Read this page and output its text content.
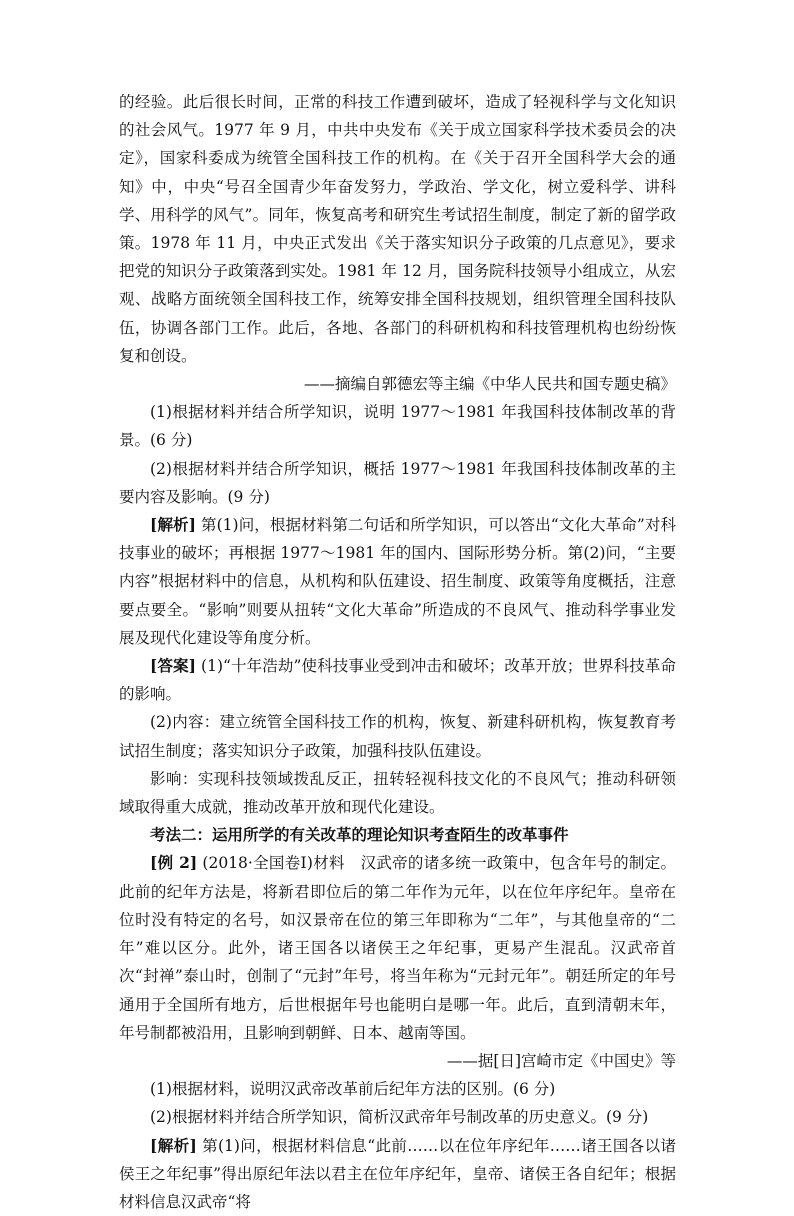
的经验。此后很长时间，正常的科技工作遭到破坏，造成了轻视科学与文化知识的社会风气。1977 年 9 月，中共中央发布《关于成立国家科学技术委员会的决定》，国家科委成为统管全国科技工作的机构。在《关于召开全国科学大会的通知》中，中央“号召全国青少年奋发努力，学政治、学文化，树立爱科学、讲科学、用科学的风气”。同年，恢复高考和研究生考试招生制度，制定了新的留学政策。1978 年 11 月，中央正式发出《关于落实知识分子政策的几点意见》，要求把党的知识分子政策落到实处。1981 年 12 月，国务院科技领导小组成立，从宏观、战略方面统领全国科技工作，统筹安排全国科技规划，组织管理全国科技队伍，协调各部门工作。此后，各地、各部门的科研机构和科技管理机构也纷纷恢复和创设。

——摘编自郭德宏等主编《中华人民共和国专题史稿》

(1)根据材料并结合所学知识，说明 1977～1981 年我国科技体制改革的背景。(6 分)

(2)根据材料并结合所学知识，概括 1977～1981 年我国科技体制改革的主要内容及影响。(9 分)

[解析] 第(1)问，根据材料第二句话和所学知识，可以答出“文化大革命”对科技事业的破坏；再根据 1977～1981 年的国内、国际形势分析。第(2)问，“主要内容”根据材料中的信息，从机构和队伍建设、招生制度、政策等角度概括，注意要点要全。“影响”则要从扭转“文化大革命”所造成的不良风气、推动科学事业发展及现代化建设等角度分析。

[答案] (1)“十年浩劫”使科技事业受到冲击和破坏；改革开放；世界科技革命的影响。

(2)内容：建立统管全国科技工作的机构，恢复、新建科研机构，恢复教育考试招生制度；落实知识分子政策，加强科技队伍建设。

影响：实现科技领域拨乱反正，扭转轻视科技文化的不良风气；推动科研领域取得重大成就，推动改革开放和现代化建设。

考法二：运用所学的有关改革的理论知识考查陌生的改革事件

[例 2] (2018·全国卷Ⅰ)材料　汉武帝的诸多统一政策中，包含年号的制定。此前的纪年方法是，将新君即位后的第二年作为元年，以在位年序纪年。皇帝在位时没有特定的名号，如汉景帝在位的第三年即称为“二年”，与其他皇帝的“二年”难以区分。此外，诸王国各以诸侯王之年纪事，更易产生混乱。汉武帝首次“封禅”泰山时，创制了“元封”年号，将当年称为“元封元年”。朝廷所定的年号通用于全国所有地方，后世根据年号也能明白是哪一年。此后，直到清朝末年，年号制都被沿用，且影响到朝鲜、日本、越南等国。

——据[日]宫崎市定《中国史》等

(1)根据材料，说明汉武帝改革前后纪年方法的区别。(6 分)

(2)根据材料并结合所学知识，简析汉武帝年号制改革的历史意义。(9 分)

[解析] 第(1)问，根据材料信息“此前……以在位年序纪年……诸王国各以诸侯王之年纪事”得出原纪年法以君主在位年序纪年，皇帝、诸侯王各自纪年；根据材料信息汉武帝“将
